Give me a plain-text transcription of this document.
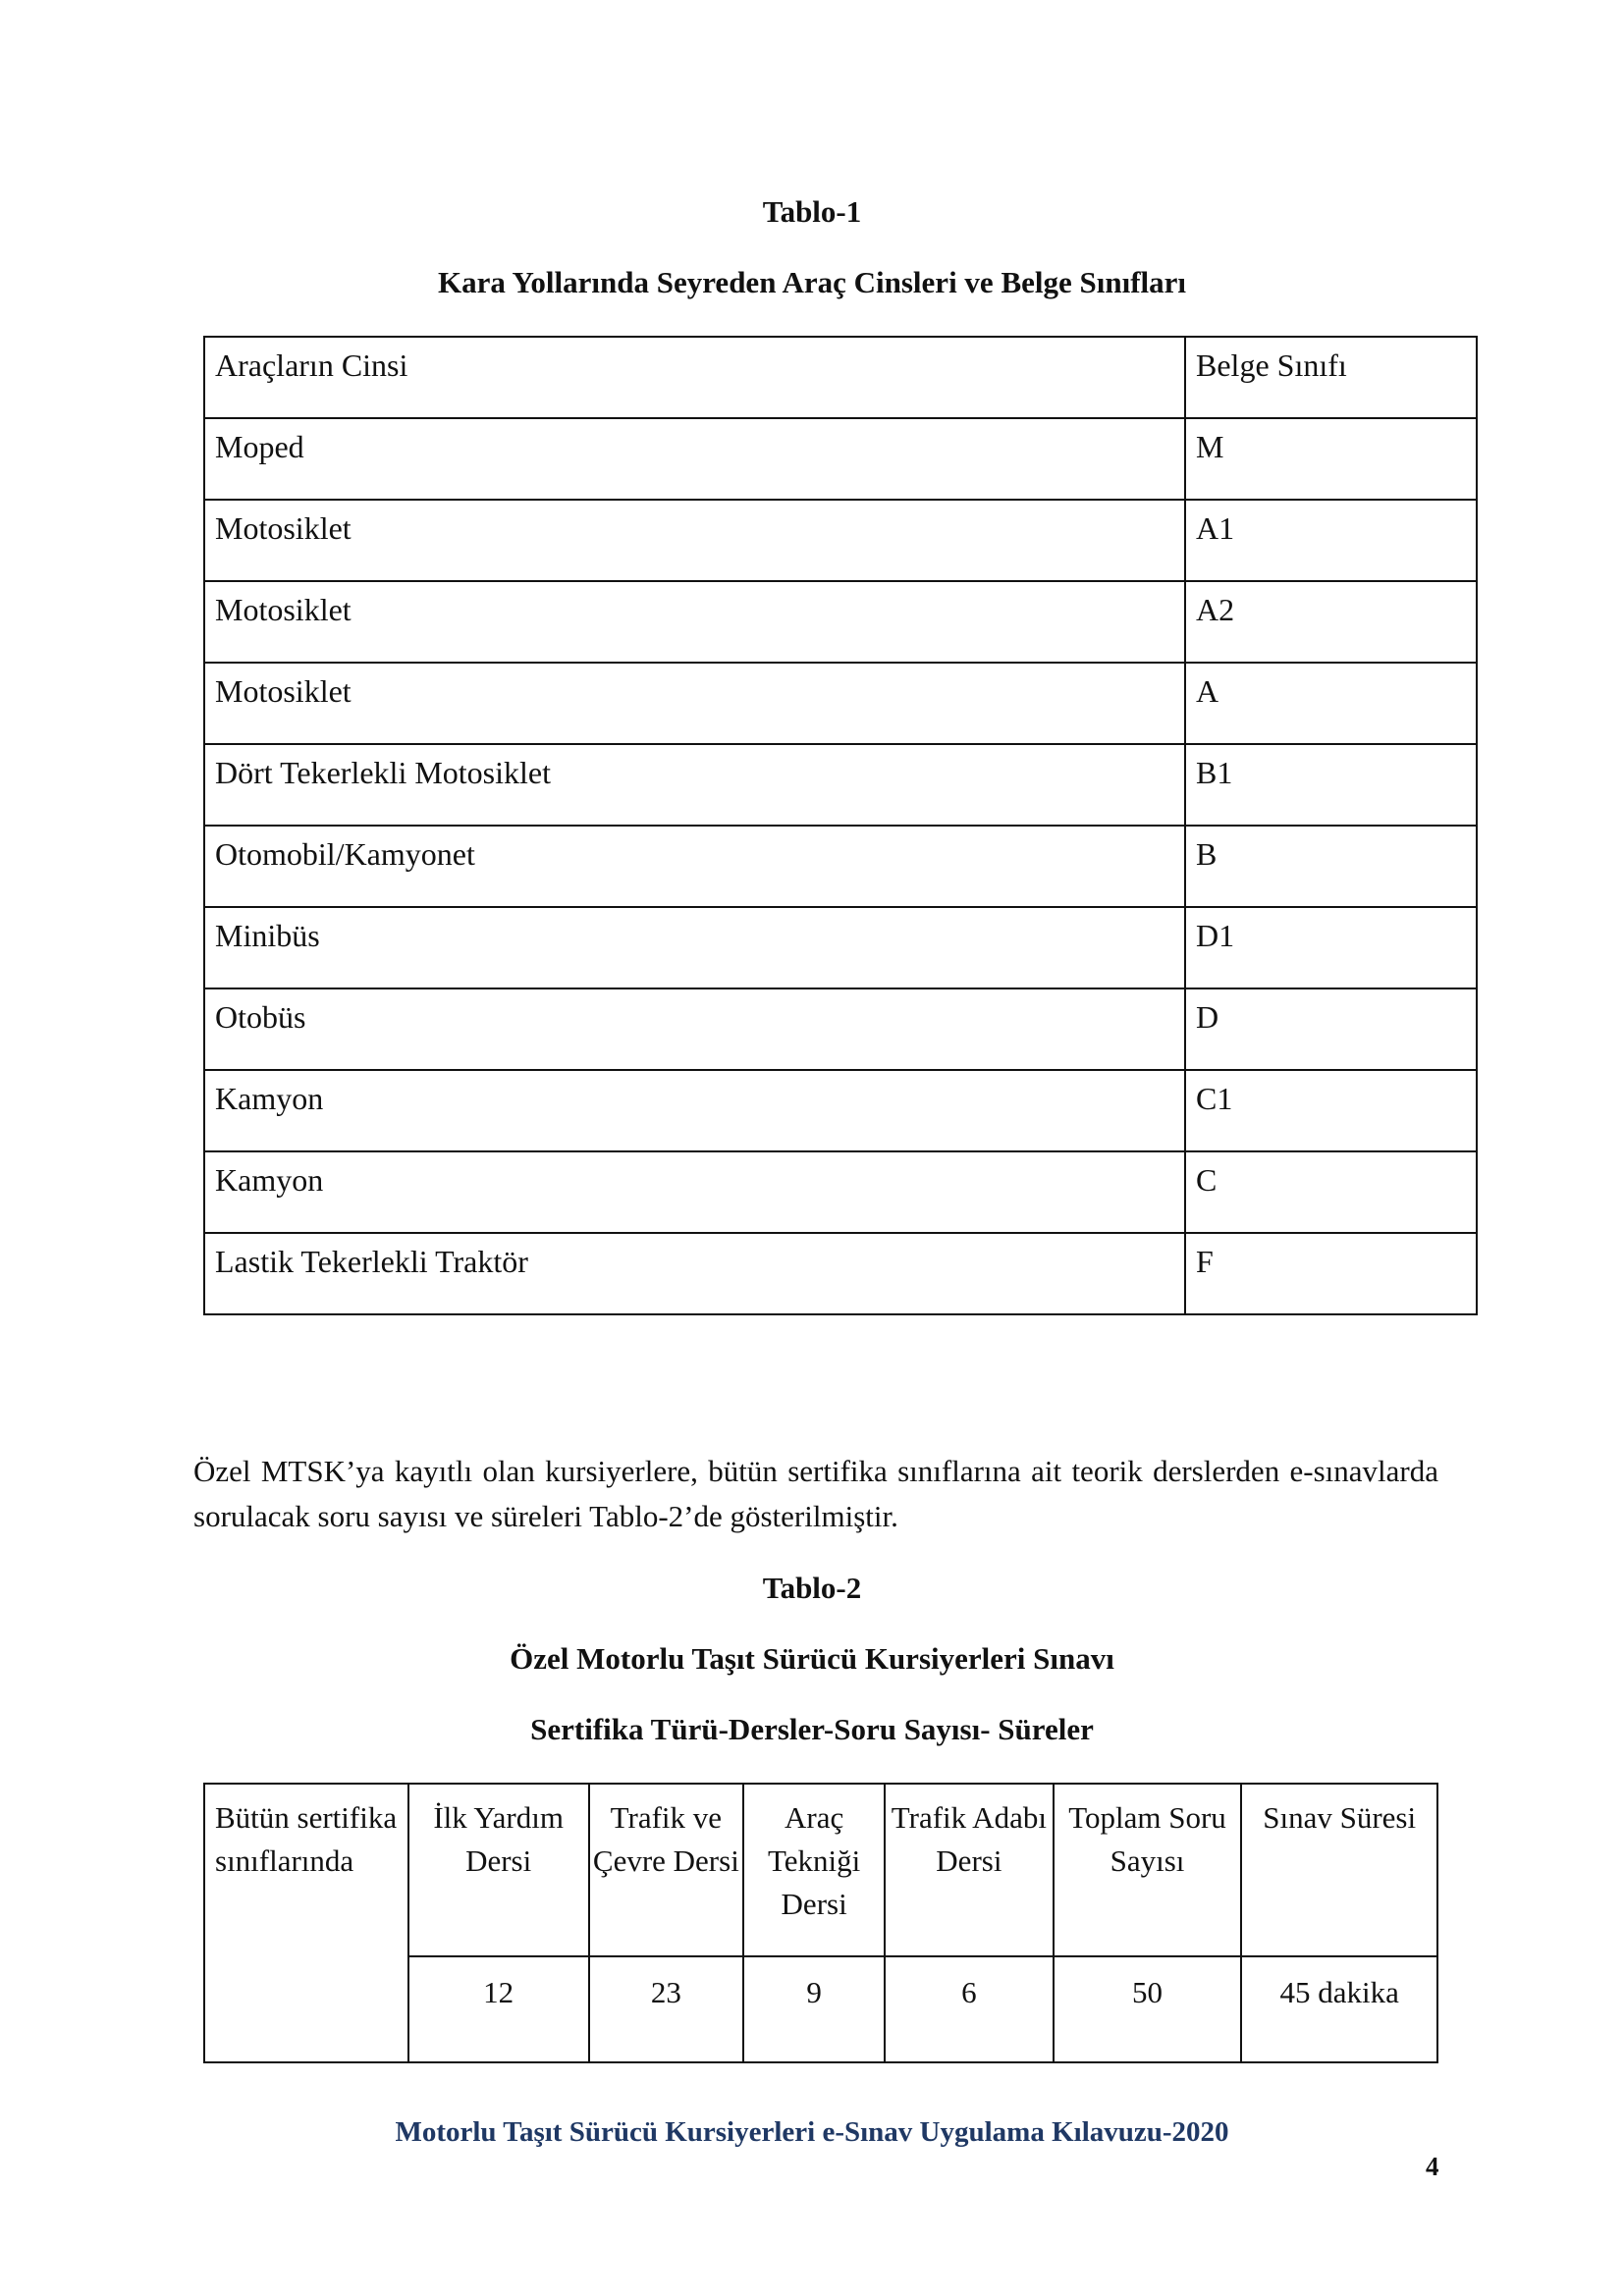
Tablo-1
Kara Yollarında Seyreden Araç Cinsleri ve Belge Sınıfları
Araçların Cinsi	Belge Sınıfı
Moped	M
Motosiklet	A1
Motosiklet	A2
Motosiklet	A
Dört Tekerlekli Motosiklet	B1
Otomobil/Kamyonet	B
Minibüs	D1
Otobüs	D
Kamyon	C1
Kamyon	C
Lastik Tekerlekli Traktör	F
Özel MTSK’ya kayıtlı olan kursiyerlere, bütün sertifika sınıflarına ait teorik derslerden e-sınavlarda sorulacak soru sayısı ve süreleri Tablo-2’de gösterilmiştir.
Tablo-2
Özel Motorlu Taşıt Sürücü Kursiyerleri Sınavı
Sertifika Türü-Dersler-Soru Sayısı- Süreler
Bütün sertifika sınıflarında	İlk Yardım Dersi	Trafik ve Çevre Dersi	Araç Tekniği Dersi	Trafik Adabı Dersi	Toplam Soru Sayısı	Sınav Süresi
	12	23	9	6	50	45 dakika
Motorlu Taşıt Sürücü Kursiyerleri e-Sınav Uygulama Kılavuzu-2020
4
